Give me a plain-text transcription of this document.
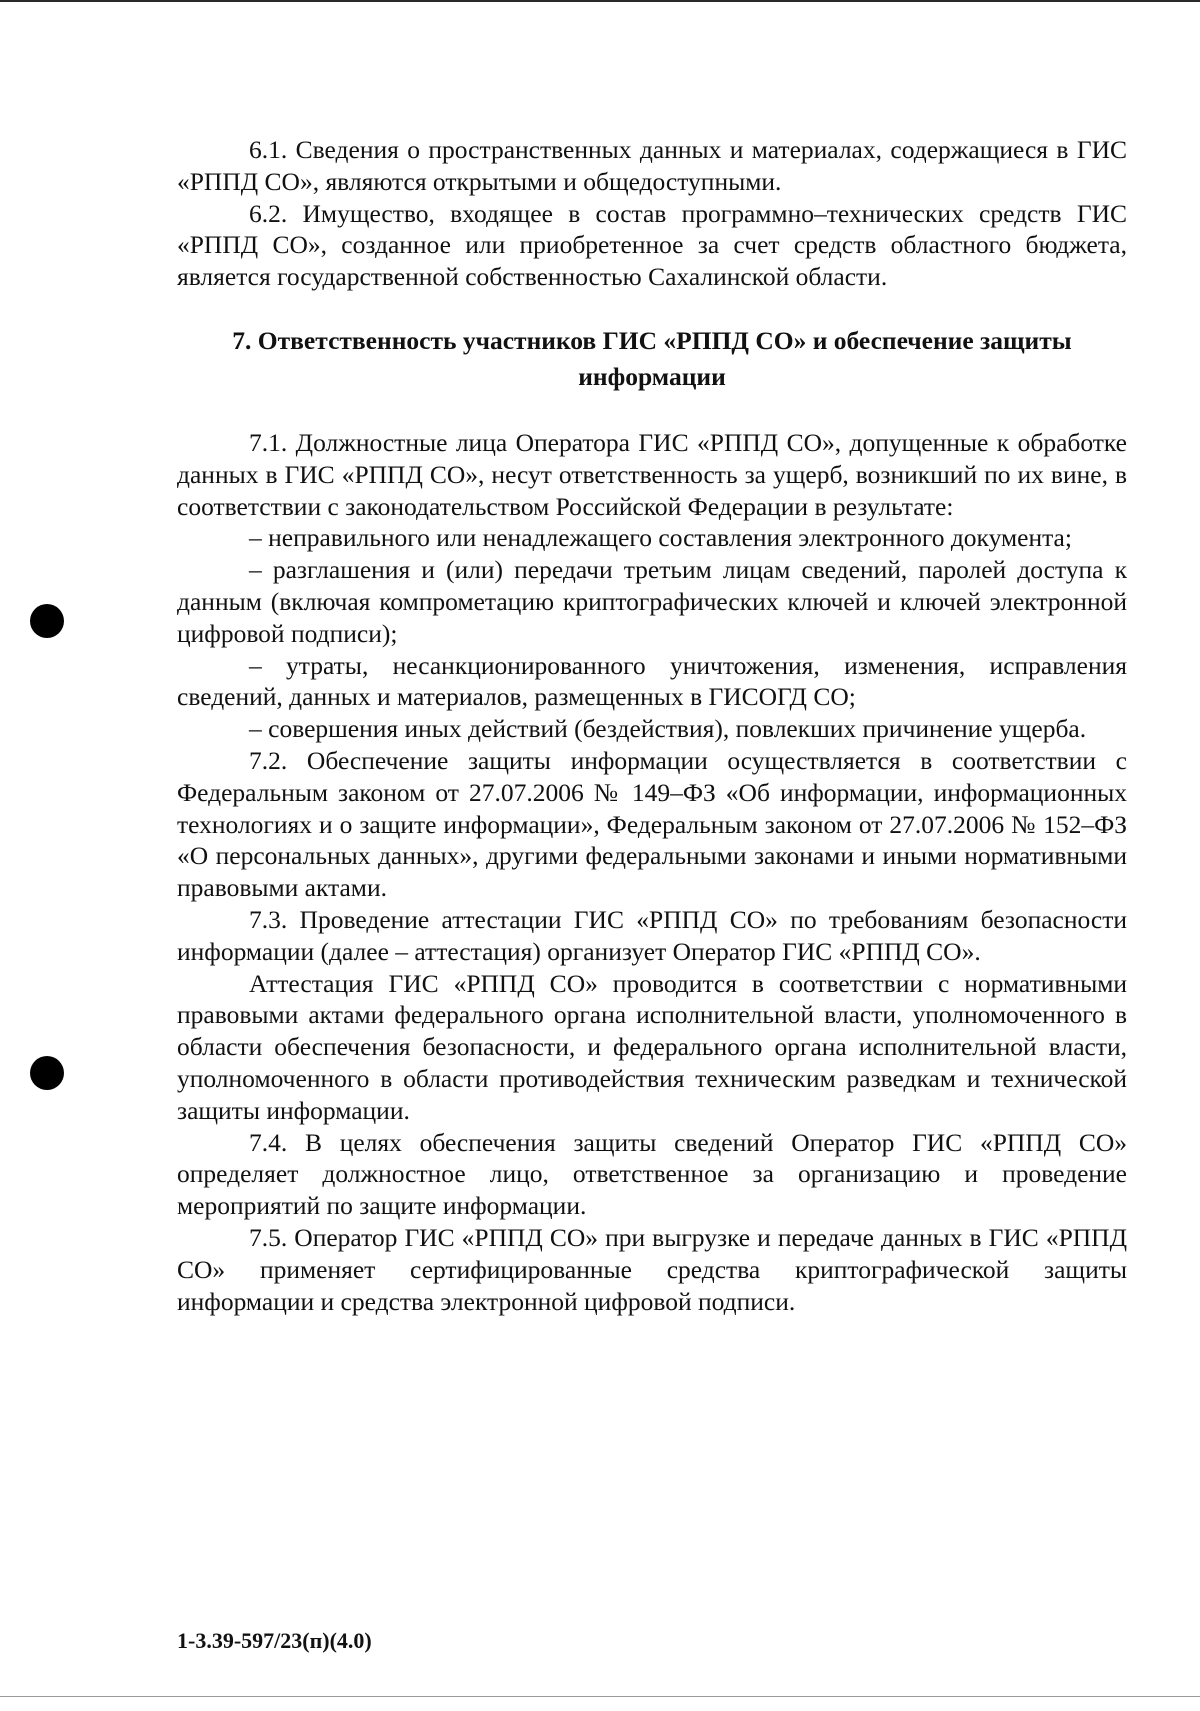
6.1. Сведения о пространственных данных и материалах, содержащиеся в ГИС «РППД СО», являются открытыми и общедоступными.

6.2. Имущество, входящее в состав программно–технических средств ГИС «РППД СО», созданное или приобретенное за счет средств областного бюджета, является государственной собственностью Сахалинской области.

7. Ответственность участников ГИС «РППД СО» и обеспечение защиты информации

7.1. Должностные лица Оператора ГИС «РППД СО», допущенные к обработке данных в ГИС «РППД СО», несут ответственность за ущерб, возникший по их вине, в соответствии с законодательством Российской Федерации в результате:

– неправильного или ненадлежащего составления электронного документа;

– разглашения и (или) передачи третьим лицам сведений, паролей доступа к данным (включая компрометацию криптографических ключей и ключей электронной цифровой подписи);

– утраты, несанкционированного уничтожения, изменения, исправления сведений, данных и материалов, размещенных в ГИСОГД СО;

– совершения иных действий (бездействия), повлекших причинение ущерба.

7.2. Обеспечение защиты информации осуществляется в соответствии с Федеральным законом от 27.07.2006 № 149–ФЗ «Об информации, информационных технологиях и о защите информации», Федеральным законом от 27.07.2006 № 152–ФЗ «О персональных данных», другими федеральными законами и иными нормативными правовыми актами.

7.3. Проведение аттестации ГИС «РППД СО» по требованиям безопасности информации (далее – аттестация) организует Оператор ГИС «РППД СО».

Аттестация ГИС «РППД СО» проводится в соответствии с нормативными правовыми актами федерального органа исполнительной власти, уполномоченного в области обеспечения безопасности, и федерального органа исполнительной власти, уполномоченного в области противодействия техническим разведкам и технической защиты информации.

7.4. В целях обеспечения защиты сведений Оператор ГИС «РППД СО» определяет должностное лицо, ответственное за организацию и проведение мероприятий по защите информации.

7.5. Оператор ГИС «РППД СО» при выгрузке и передаче данных в ГИС «РППД СО» применяет сертифицированные средства криптографической защиты информации и средства электронной цифровой подписи.

1-3.39-597/23(п)(4.0)
